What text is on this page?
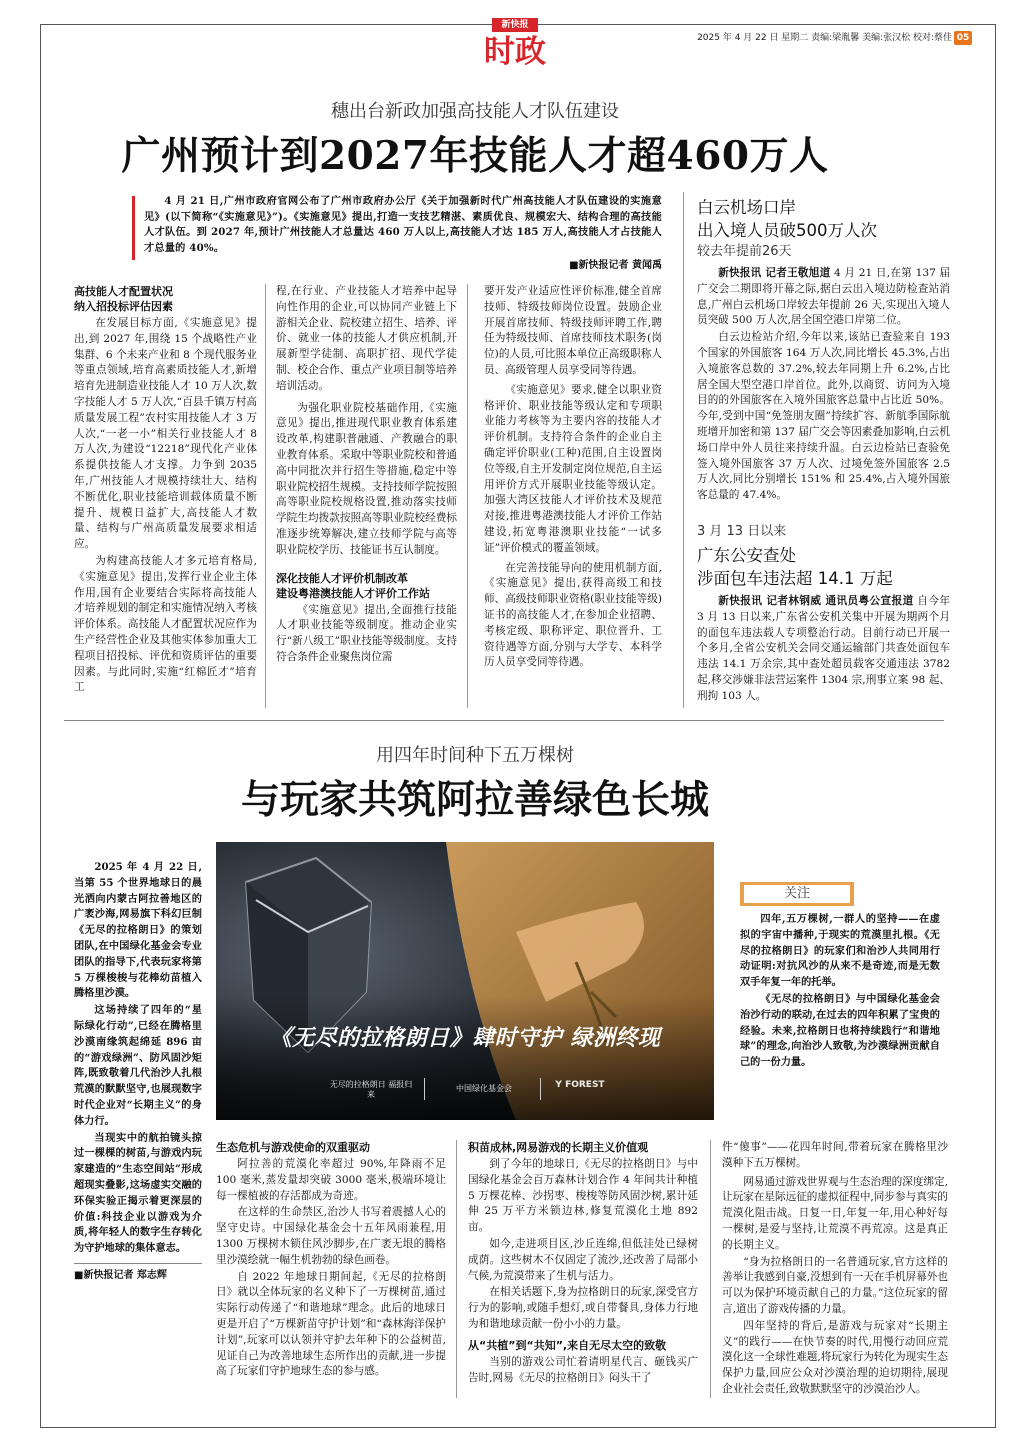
新快报
时政	2025 年 4 月 22 日 星期二 责编:梁胤馨 美编:张汉松 校对:蔡佳 05
穗出台新政加强高技能人才队伍建设
广州预计到2027年技能人才超460万人
4 月 21 日,广州市政府官网公布了广州市政府办公厅《关于加强新时代广州高技能人才队伍建设的实施意见》(以下简称“《实施意见》”)。《实施意见》提出,打造一支技艺精湛、素质优良、规模宏大、结构合理的高技能人才队伍。到 2027 年,预计广州技能人才总量达 460 万人以上,高技能人才达 185 万人,高技能人才占技能人才总量的 40%。
■新快报记者 黄闻禹
高技能人才配置状况
纳入招投标评估因素
在发展目标方面,《实施意见》提出,到 2027 年,围绕 15 个战略性产业集群、6 个未来产业和 8 个现代服务业等重点领域,培育高素质技能人才,新增培育先进制造业技能人才 10 万人次,数字技能人才 5 万人次,“百县千镇万村高质量发展工程”农村实用技能人才 3 万人次,“一老一小”相关行业技能人才 8 万人次,为建设“12218”现代化产业体系提供技能人才支撑。力争到 2035 年,广州技能人才规模持续壮大、结构不断优化,职业技能培训载体质量不断提升、规模日益扩大,高技能人才数量、结构与广州高质量发展要求相适应。
为构建高技能人才多元培育格局,《实施意见》提出,发挥行业企业主体作用,国有企业要结合实际将高技能人才培养规划的制定和实施情况纳入考核评价体系。高技能人才配置状况应作为生产经营性企业及其他实体参加重大工程项目招投标、评优和资质评估的重要因素。与此同时,实施“红棉匠才”培育工
程,在行业、产业技能人才培养中起导向性作用的企业,可以协同产业链上下游相关企业、院校建立招生、培养、评价、就业一体的技能人才供应机制,开展新型学徒制、高职扩招、现代学徒制、校企合作、重点产业项目制等培养培训活动。
为强化职业院校基础作用,《实施意见》提出,推进现代职业教育体系建设改革,构建职普融通、产教融合的职业教育体系。采取中等职业院校和普通高中同批次并行招生等措施,稳定中等职业院校招生规模。支持技师学院按照高等职业院校规格设置,推动落实技师学院生均拨款按照高等职业院校经费标准逐步统筹解决,建立技师学院与高等职业院校学历、技能证书互认制度。
深化技能人才评价机制改革
建设粤港澳技能人才评价工作站
《实施意见》提出,全面推行技能人才职业技能等级制度。推动企业实行“新八级工”职业技能等级制度。支持符合条件企业聚焦岗位需
要开发产业适应性评价标准,健全首席技师、特级技师岗位设置。鼓励企业开展首席技师、特级技师评聘工作,聘任为特级技师、首席技师技术职务(岗位)的人员,可比照本单位正高级职称人员、高级管理人员享受同等待遇。
《实施意见》要求,健全以职业资格评价、职业技能等级认定和专项职业能力考核等为主要内容的技能人才评价机制。支持符合条件的企业自主确定评价职业(工种)范围,自主设置岗位等级,自主开发制定岗位规范,自主运用评价方式开展职业技能等级认定。加强大湾区技能人才评价技术及规范对接,推进粤港澳技能人才评价工作站建设,拓宽粤港澳职业技能“一试多证”评价模式的覆盖领域。
在完善技能导向的使用机制方面,《实施意见》提出,获得高级工和技师、高级技师职业资格(职业技能等级)证书的高技能人才,在参加企业招聘、考核定级、职称评定、职位晋升、工资待遇等方面,分别与大学专、本科学历人员享受同等待遇。
白云机场口岸
出入境人员破500万人次
较去年提前26天
新快报讯 记者王敬旭道 4 月 21 日,在第 137 届广交会二期即将开幕之际,据白云出入境边防检查站消息,广州白云机场口岸较去年提前 26 天,实现出入境人员突破 500 万人次,居全国空港口岸第二位。
白云边检站介绍,今年以来,该站已查验来自 193 个国家的外国旅客 164 万人次,同比增长 45.3%,占出入境旅客总数的 37.2%,较去年同期上升 6.2%,占比居全国大型空港口岸首位。此外,以商贸、访问为入境目的的外国旅客在入境外国旅客总量中占比近 50%。今年,受到中国“免签朋友圈”持续扩容、新航季国际航班增开加密和第 137 届广交会等因素叠加影响,白云机场口岸中外人员往来持续升温。白云边检站已查验免签入境外国旅客 37 万人次、过境免签外国旅客 2.5 万人次,同比分别增长 151% 和 25.4%,占入境外国旅客总量的 47.4%。
3 月 13 日以来
广东公安查处
涉面包车违法超 14.1 万起
新快报讯 记者林钢威 通讯员粤公宣报道 自今年 3 月 13 日以来,广东省公安机关集中开展为期两个月的面包车违法载人专项整治行动。目前行动已开展一个多月,全省公安机关会同交通运输部门共查处面包车违法 14.1 万余宗,其中查处超员载客交通违法 3782 起,移交涉嫌非法营运案件 1304 宗,刑事立案 98 起、刑拘 103 人。
用四年时间种下五万棵树
与玩家共筑阿拉善绿色长城
2025 年 4 月 22 日,当第 55 个世界地球日的晨光洒向内蒙古阿拉善地区的广袤沙海,网易旗下科幻巨制《无尽的拉格朗日》的策划团队,在中国绿化基金会专业团队的指导下,代表玩家将第 5 万棵梭梭与花棒幼苗植入腾格里沙漠。
这场持续了四年的“星际绿化行动”,已经在腾格里沙漠南缘筑起绵延 896 亩的“游戏绿洲”、防风固沙矩阵,既致敬着几代治沙人扎根荒漠的默默坚守,也展现数字时代企业对“长期主义”的身体力行。
当现实中的航拍镜头掠过一棵棵的树苗,与游戏内玩家建造的“生态空间站”形成超现实叠影,这场虚实交融的环保实验正揭示着更深层的价值:科技企业以游戏为介质,将年轻人的数字生存转化为守护地球的集体意志。
■新快报记者 郑志辉
《无尽的拉格朗日》肆时守护 绿洲终现
无尽的拉格朗日 福报归来
中国绿化基金会	Y FOREST
关注
四年,五万棵树,一群人的坚持——在虚拟的宇宙中播种,于现实的荒漠里扎根。《无尽的拉格朗日》的玩家们和治沙人共同用行动证明:对抗风沙的从来不是奇迹,而是无数双手年复一年的托举。
《无尽的拉格朗日》与中国绿化基金会治沙行动的联动,在过去的四年积累了宝贵的经验。未来,拉格朗日也将持续践行“和谐地球”的理念,向治沙人致敬,为沙漠绿洲贡献自己的一份力量。
生态危机与游戏使命的双重驱动
阿拉善的荒漠化率超过 90%,年降雨不足 100 毫米,蒸发量却突破 3000 毫米,极端环境让每一棵植被的存活都成为奇迹。
在这样的生命禁区,治沙人书写着震撼人心的坚守史诗。中国绿化基金会十五年风雨兼程,用 1300 万棵树木锁住风沙脚步,在广袤无垠的腾格里沙漠绘就一幅生机勃勃的绿色画卷。
自 2022 年地球日期间起,《无尽的拉格朗日》就以全体玩家的名义种下了一万棵树苗,通过实际行动传递了“和谐地球”理念。此后的地球日更是开启了“万棵新苗守护计划”和“森林海洋保护计划”,玩家可以认领并守护去年种下的公益树苗,见证自己为改善地球生态所作出的贡献,进一步提高了玩家们守护地球生态的参与感。
积苗成林,网易游戏的长期主义价值观
到了今年的地球日,《无尽的拉格朗日》与中国绿化基金会百万森林计划合作 4 年间共计种植 5 万棵花棒、沙拐枣、梭梭等防风固沙树,累计延伸 25 万平方米锁边林,修复荒漠化土地 892 亩。
如今,走进项目区,沙丘连绵,但低洼处已绿树成荫。这些树木不仅固定了流沙,还改善了局部小气候,为荒漠带来了生机与活力。
在相关话题下,身为拉格朗日的玩家,深受官方行为的影响,或随手想灯,或自带餐具,身体力行地为和谐地球贡献一份小小的力量。
从“共植”到“共知”,来自无尽太空的致敬
当别的游戏公司忙着请明星代言、砸钱买广告时,网易《无尽的拉格朗日》闷头干了
件“傻事”——花四年时间,带着玩家在腾格里沙漠种下五万棵树。
网易通过游戏世界观与生态治理的深度绑定,让玩家在星际远征的虚拟征程中,同步参与真实的荒漠化阻击战。日复一日,年复一年,用心种好每一棵树,是爱与坚持,让荒漠不再荒凉。这是真正的长期主义。
“身为拉格朗日的一名普通玩家,官方这样的善举让我感到自豪,没想到有一天在手机屏幕外也可以为保护环境贡献自己的力量。”这位玩家的留言,道出了游戏传播的力量。
四年坚持的背后,是游戏与玩家对“长期主义”的践行——在快节奏的时代,用慢行动回应荒漠化这一全球性难题,将玩家行为转化为现实生态保护力量,回应公众对沙漠治理的迫切期待,展现企业社会责任,致敬默默坚守的沙漠治沙人。
